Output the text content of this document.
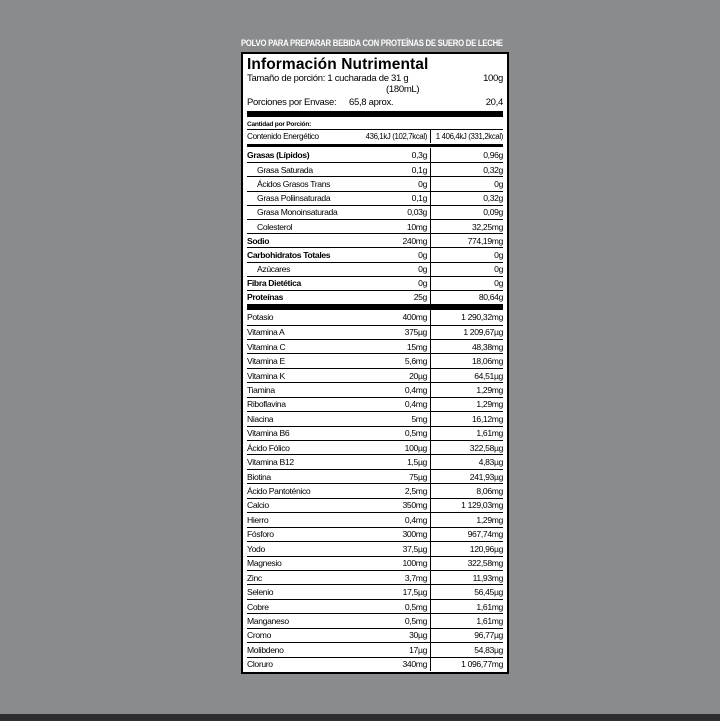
POLVO PARA PREPARAR BEBIDA CON PROTEÍNAS DE SUERO DE LECHE
Información Nutrimental
Tamaño de porción: 1 cucharada de 31 g	100g
(180mL)
Porciones por Envase:	65,8 aprox.	20,4
Cantidad por Porción:
Contenido Energético	436,1kJ (102,7kcal)	1 406,4kJ (331,2kcal)
Grasas (Lípidos)	0,3g	0,96g
Grasa Saturada	0,1g	0,32g
Ácidos Grasos Trans	0g	0g
Grasa Poliinsaturada	0,1g	0,32g
Grasa Monoinsaturada	0,03g	0,09g
Colesterol	10mg	32,25mg
Sodio	240mg	774,19mg
Carbohidratos Totales	0g	0g
Azúcares	0g	0g
Fibra Dietética	0g	0g
Proteínas	25g	80,64g
Potasio	400mg	1 290,32mg
Vitamina A	375µg	1 209,67µg
Vitamina C	15mg	48,38mg
Vitamina E	5,6mg	18,06mg
Vitamina K	20µg	64,51µg
Tiamina	0,4mg	1,29mg
Riboflavina	0,4mg	1,29mg
Niacina	5mg	16,12mg
Vitamina B6	0,5mg	1,61mg
Ácido Fólico	100µg	322,58µg
Vitamina B12	1,5µg	4,83µg
Biotina	75µg	241,93µg
Ácido Pantoténico	2,5mg	8,06mg
Calcio	350mg	1 129,03mg
Hierro	0,4mg	1,29mg
Fósforo	300mg	967,74mg
Yodo	37,5µg	120,96µg
Magnesio	100mg	322,58mg
Zinc	3,7mg	11,93mg
Selenio	17,5µg	56,45µg
Cobre	0,5mg	1,61mg
Manganeso	0,5mg	1,61mg
Cromo	30µg	96,77µg
Molibdeno	17µg	54,83µg
Cloruro	340mg	1 096,77mg
